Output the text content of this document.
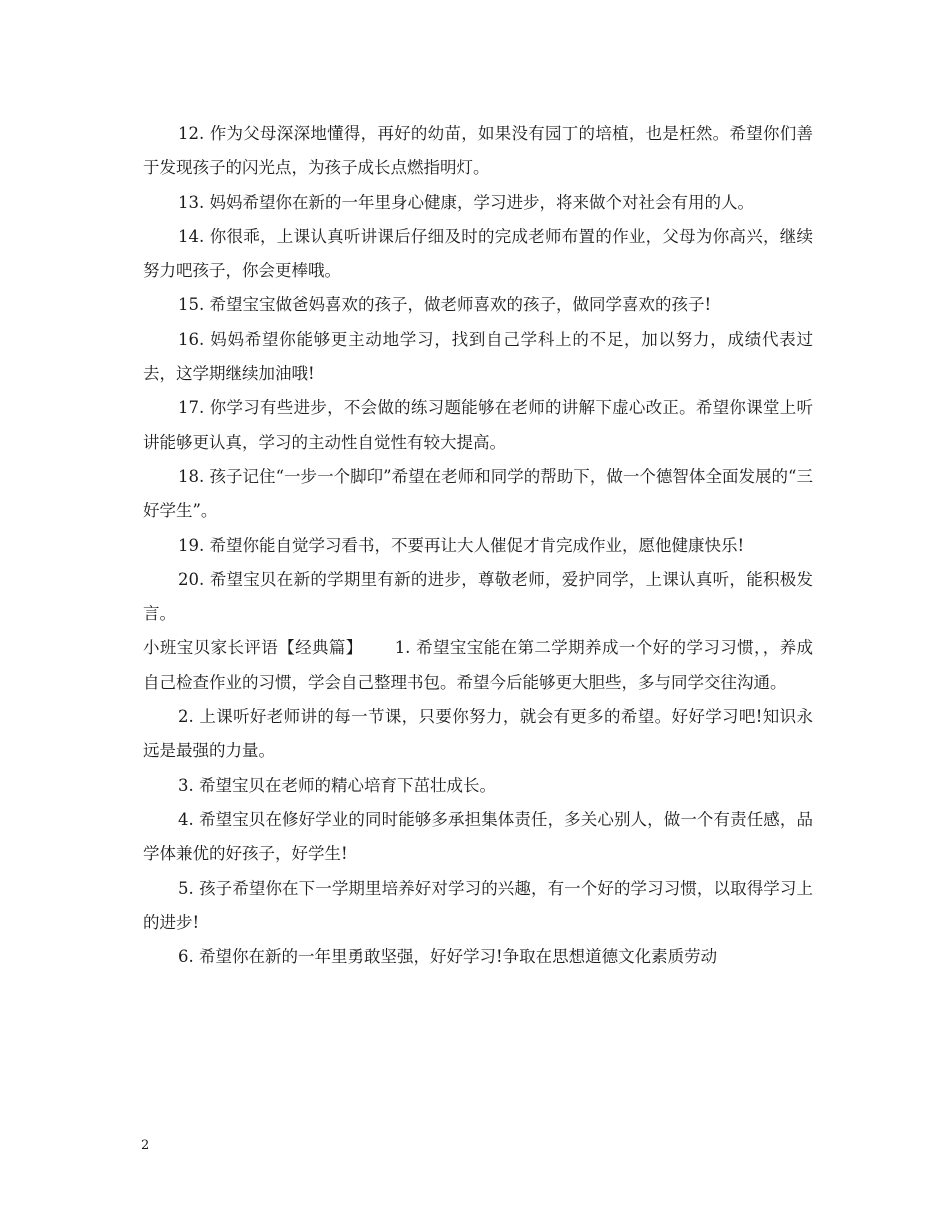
12. 作为父母深深地懂得，再好的幼苗，如果没有园丁的培植，也是枉然。希望你们善于发现孩子的闪光点，为孩子成长点燃指明灯。

13. 妈妈希望你在新的一年里身心健康，学习进步，将来做个对社会有用的人。

14. 你很乖，上课认真听讲课后仔细及时的完成老师布置的作业，父母为你高兴，继续努力吧孩子，你会更棒哦。

15. 希望宝宝做爸妈喜欢的孩子，做老师喜欢的孩子，做同学喜欢的孩子!

16. 妈妈希望你能够更主动地学习，找到自己学科上的不足，加以努力，成绩代表过去，这学期继续加油哦!

17. 你学习有些进步，不会做的练习题能够在老师的讲解下虚心改正。希望你课堂上听讲能够更认真，学习的主动性自觉性有较大提高。

18. 孩子记住“一步一个脚印”希望在老师和同学的帮助下，做一个德智体全面发展的“三好学生”。

19. 希望你能自觉学习看书，不要再让大人催促才肯完成作业，愿他健康快乐!

20. 希望宝贝在新的学期里有新的进步，尊敬老师，爱护同学，上课认真听，能积极发言。

小班宝贝家长评语【经典篇】 1. 希望宝宝能在第二学期养成一个好的学习习惯，，养成自己检查作业的习惯，学会自己整理书包。希望今后能够更大胆些，多与同学交往沟通。

2. 上课听好老师讲的每一节课，只要你努力，就会有更多的希望。好好学习吧!知识永远是最强的力量。

3. 希望宝贝在老师的精心培育下茁壮成长。

4. 希望宝贝在修好学业的同时能够多承担集体责任，多关心别人，做一个有责任感，品学体兼优的好孩子，好学生!

5. 孩子希望你在下一学期里培养好对学习的兴趣，有一个好的学习习惯，以取得学习上的进步!

6. 希望你在新的一年里勇敢坚强，好好学习!争取在思想道德文化素质劳动

2
